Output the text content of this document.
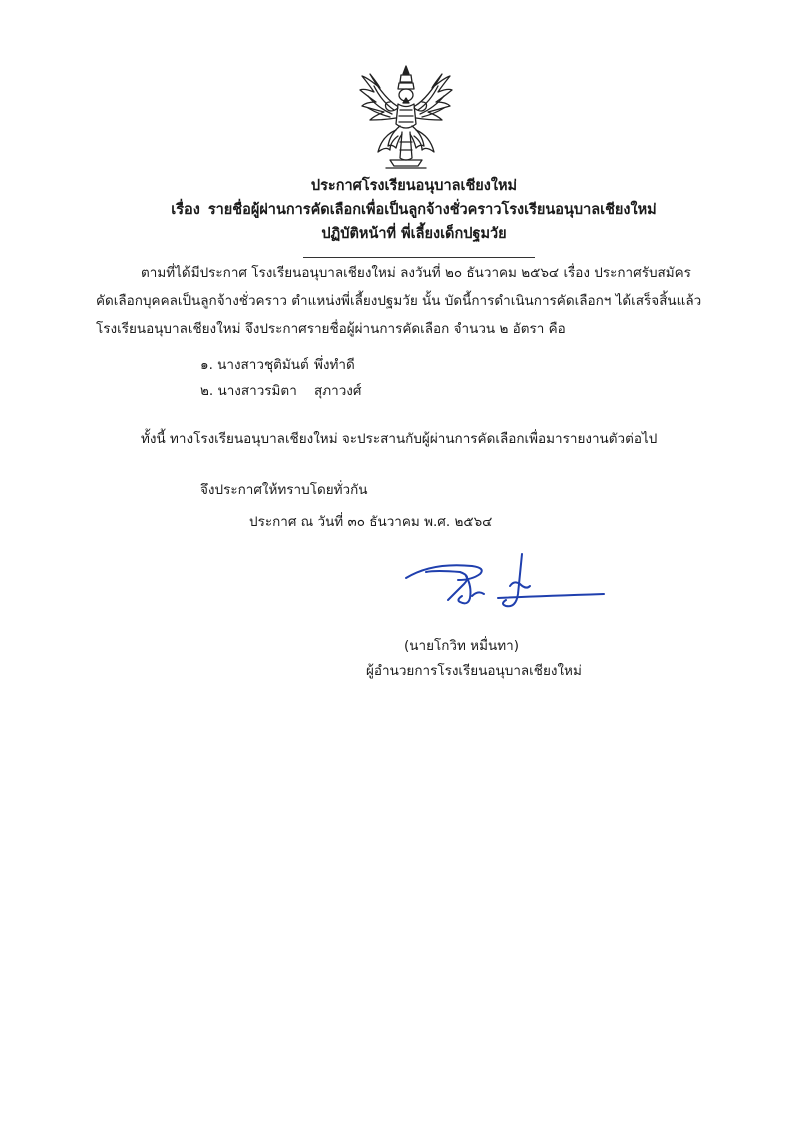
ประกาศโรงเรียนอนุบาลเชียงใหม่
เรื่อง รายชื่อผู้ผ่านการคัดเลือกเพื่อเป็นลูกจ้างชั่วคราวโรงเรียนอนุบาลเชียงใหม่
ปฏิบัติหน้าที่ พี่เลี้ยงเด็กปฐมวัย
ตามที่ได้มีประกาศ โรงเรียนอนุบาลเชียงใหม่ ลงวันที่ ๒๐ ธันวาคม ๒๕๖๔ เรื่อง ประกาศรับสมัคร
คัดเลือกบุคคลเป็นลูกจ้างชั่วคราว ตำแหน่งพี่เลี้ยงปฐมวัย นั้น บัดนี้การดำเนินการคัดเลือกฯ ได้เสร็จสิ้นแล้ว
โรงเรียนอนุบาลเชียงใหม่ จึงประกาศรายชื่อผู้ผ่านการคัดเลือก จำนวน ๒ อัตรา คือ
๑. นางสาวชุติมันต์ พึ่งทำดี
๒. นางสาวรมิตา สุภาวงศ์
ทั้งนี้ ทางโรงเรียนอนุบาลเชียงใหม่ จะประสานกับผู้ผ่านการคัดเลือกเพื่อมารายงานตัวต่อไป
จึงประกาศให้ทราบโดยทั่วกัน
ประกาศ ณ วันที่ ๓๐ ธันวาคม พ.ศ. ๒๕๖๔
(นายโกวิท หมื่นทา)
ผู้อำนวยการโรงเรียนอนุบาลเชียงใหม่
